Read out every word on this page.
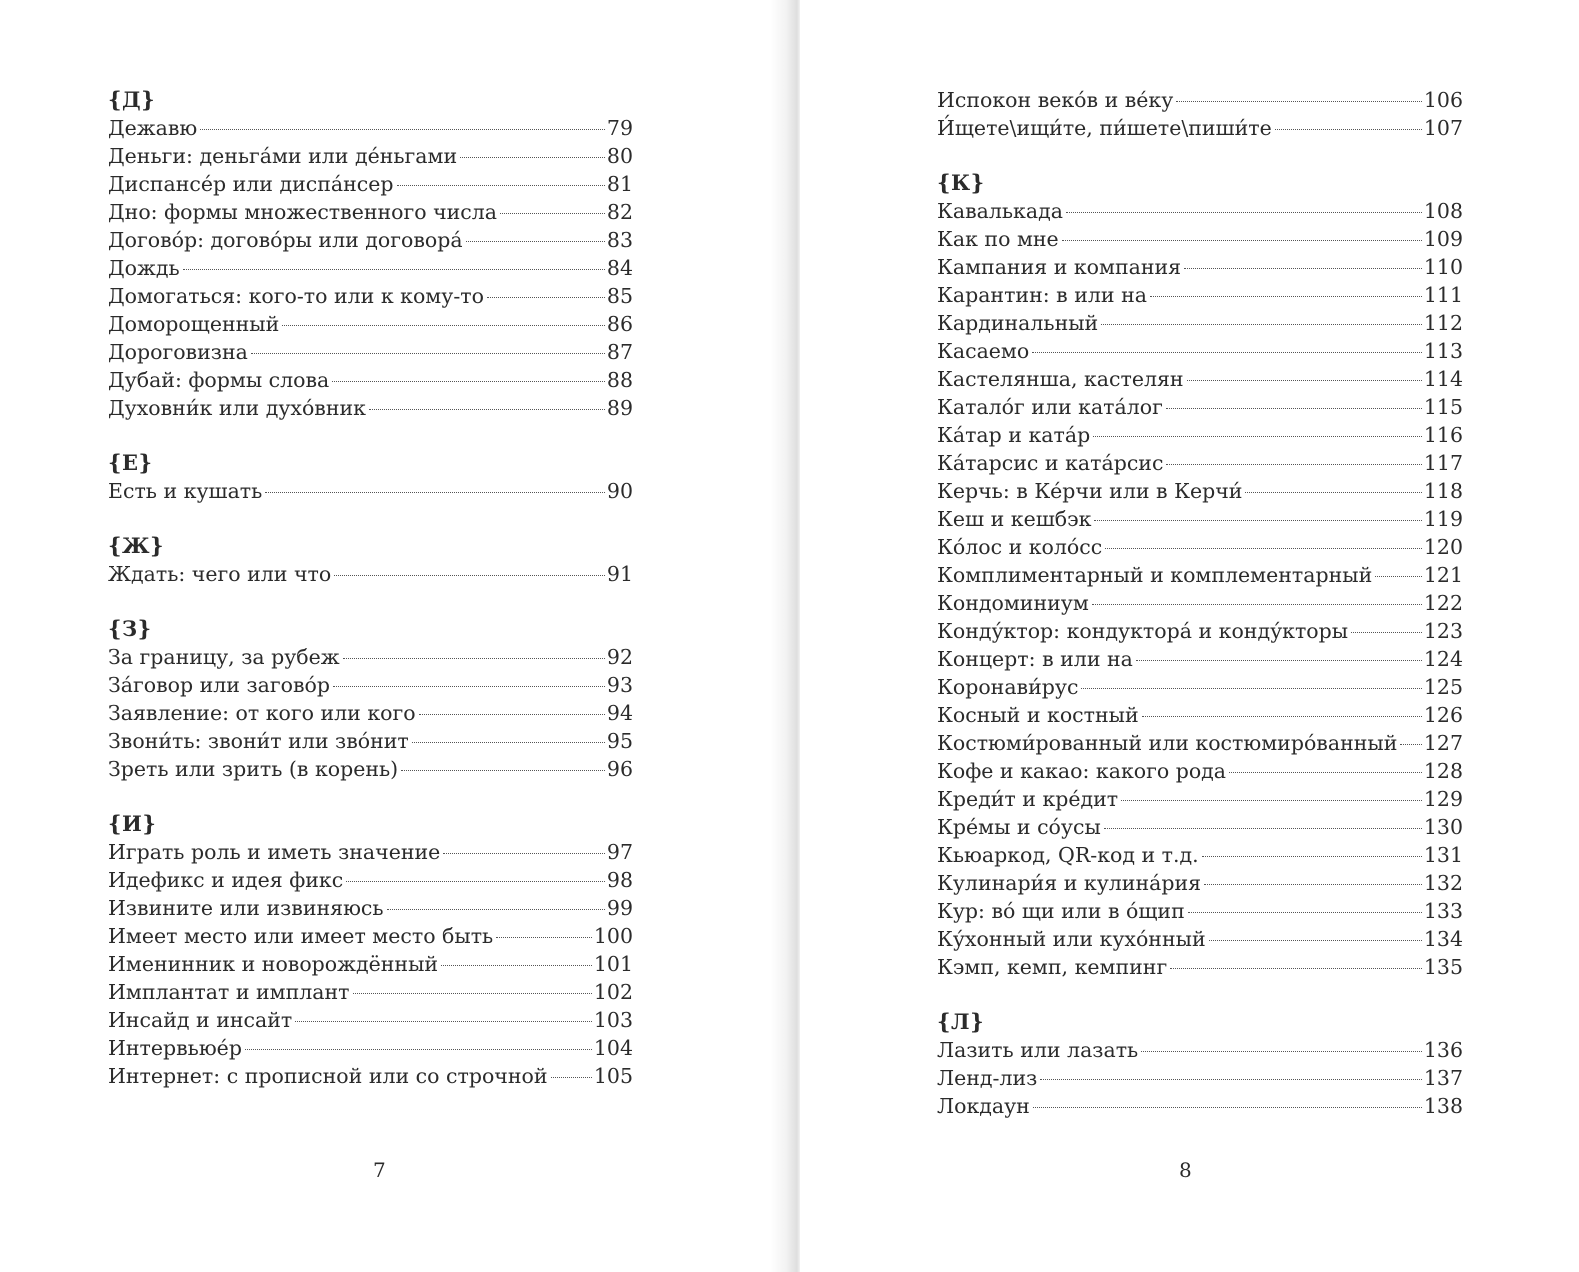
{Д}
Дежавю	79
Деньги: деньга́ми или де́ньгами	80
Диспансе́р или диспа́нсер	81
Дно: формы множественного числа	82
Догово́р: догово́ры или договора́	83
Дождь	84
Домогаться: кого-то или к кому-то	85
Доморощенный	86
Дороговизна	87
Дубай: формы слова	88
Духовни́к или духо́вник	89
{Е}
Есть и кушать	90
{Ж}
Ждать: чего или что	91
{З}
За границу, за рубеж	92
За́говор или загово́р	93
Заявление: от кого или кого	94
Звони́ть: звони́т или зво́нит	95
Зреть или зрить (в корень)	96
{И}
Играть роль и иметь значение	97
Идефикс и идея фикс	98
Извините или извиняюсь	99
Имеет место или имеет место быть	100
Именинник и новорождённый	101
Имплантат и имплант	102
Инсайд и инсайт	103
Интервьюе́р	104
Интернет: с прописной или со строчной 105
7
Испокон веко́в и ве́ку	106
И́щете\ищи́те, пи́шете\пиши́те	107
{К}
Кавалькада	108
Как по мне	109
Кампания и компания	110
Карантин: в или на	111
Кардинальный	112
Касаемо	113
Кастелянша, кастелян	114
Катало́г или ката́лог	115
Ка́тар и ката́р	116
Ка́тарсис и ката́рсис	117
Керчь: в Ке́рчи или в Керчи́	118
Кеш и кешбэк	119
Ко́лос и коло́сс	120
Комплиментарный и комплементарный	121
Кондоминиум	122
Конду́ктор: кондуктора́ и конду́кторы	123
Концерт: в или на	124
Коронави́рус	125
Косный и костный	126
Костюми́рованный или костюмиро́ванный 127
Кофе и какао: какого рода	128
Креди́т и кре́дит	129
Кре́мы и со́усы	130
Кьюаркод, QR-код и т.д.	131
Кулинари́я и кулина́рия	132
Кур: во́ щи или в о́щип	133
Ку́хонный или кухо́нный	134
Кэмп, кемп, кемпинг	135
{Л}
Лазить или лазать	136
Ленд-лиз	137
Локдаун	138
8
